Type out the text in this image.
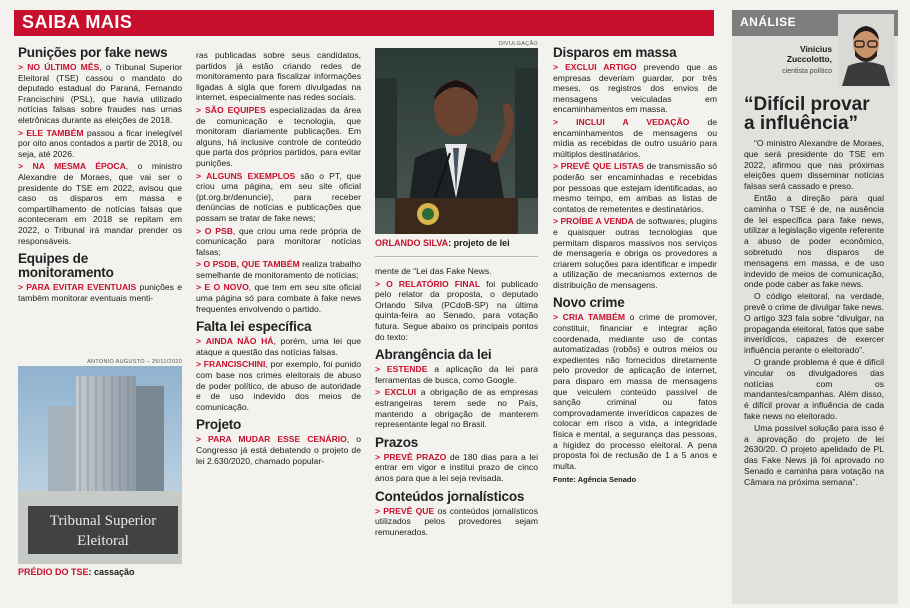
SAIBA MAIS	ANÁLISE
Punições por fake news

> NO ÚLTIMO MÊS, o Tribunal Superior Eleitoral (TSE) cassou o mandato do deputado estadual do Paraná, Fernando Francischini (PSL), que havia utilizado notícias falsas sobre fraudes nas urnas eletrônicas durante as eleições de 2018.

> ELE TAMBÉM passou a ficar inelegível por oito anos contados a partir de 2018, ou seja, até 2026.

> NA MESMA ÉPOCA, o ministro Alexandre de Moraes, que vai ser o presidente do TSE em 2022, avisou que caso os disparos em massa e compartilhamento de notícias falsas que aconteceram em 2018 se repitam em 2022, o Tribunal irá mandar prender os responsáveis.

Equipes de monitoramento

> PARA EVITAR EVENTUAIS punições e também monitorar eventuais menti-

ANTONIO AUGUSTO – 25/11/2020
Tribunal Superior
Eleitoral
PRÉDIO DO TSE: cassação

ras publicadas sobre seus candidatos, partidos já estão criando redes de monitoramento para fiscalizar informações ligadas à sigla que forem divulgadas na internet, especialmente nas redes sociais.

> SÃO EQUIPES especializadas da área de comunicação e tecnologia, que monitoram diariamente publicações. Em alguns, há inclusive controle de conteúdo que parta dos próprios partidos, para evitar punições.

> ALGUNS EXEMPLOS são o PT, que criou uma página, em seu site oficial (pt.org.br/denuncie), para receber denúncias de notícias e publicações que possam se tratar de fake news;

> O PSB, que criou uma rede própria de comunicação para monitorar notícias falsas;

> O PSDB, QUE TAMBÉM realiza trabalho semelhante de monitoramento de notícias;

> E O NOVO, que tem em seu site oficial uma página só para combate à fake news frequentes envolvendo o partido.

Falta lei específica

> AINDA NÃO HÁ, porém, uma lei que ataque a questão das notícias falsas.

> FRANCISCHINI, por exemplo, foi punido com base nos crimes eleitorais de abuso de poder político, de abuso de autoridade e de uso indevido dos meios de comunicação.

Projeto

> PARA MUDAR ESSE CENÁRIO, o Congresso já está debatendo o projeto de lei 2.630/2020, chamado popular-

DIVULGAÇÃO
ORLANDO SILVA: projeto de lei

mente de “Lei das Fake News.

> O RELATÓRIO FINAL foi publicado pelo relator da proposta, o deputado Orlando Silva (PCdoB-SP) na última quinta-feira ao Senado, para votação futura. Segue abaixo os principais pontos do texto:

Abrangência da lei

> ESTENDE a aplicação da lei para ferramentas de busca, como Google.

> EXCLUI a obrigação de as empresas estrangeiras terem sede no País, mantendo a obrigação de manterem representante legal no Brasil.

Prazos

> PREVÊ PRAZO de 180 dias para a lei entrar em vigor e institui prazo de cinco anos para que a lei seja revisada.

Conteúdos jornalísticos

> PREVÊ QUE os conteúdos jornalísticos utilizados pelos provedores sejam remunerados.

Disparos em massa

> EXCLUI ARTIGO prevendo que as empresas deveriam guardar, por três meses, os registros dos envios de mensagens veiculadas em encaminhamentos em massa.

> INCLUI A VEDAÇÃO de encaminhamentos de mensagens ou mídia as recebidas de outro usuário para múltiplos destinatários.

> PREVÊ QUE LISTAS de transmissão só poderão ser encaminhadas e recebidas por pessoas que estejam identificadas, ao mesmo tempo, em ambas as listas de contatos de remetentes e destinatários.

> PROÍBE A VENDA de softwares, plugins e quaisquer outras tecnologias que permitam disparos massivos nos serviços de mensageria e obriga os provedores a criarem soluções para identificar e impedir a utilização de mecanismos externos de distribuição de mensagens.

Novo crime

> CRIA TAMBÉM o crime de promover, constituir, financiar e integrar ação coordenada, mediante uso de contas automatizadas (robôs) e outros meios ou expedientes não fornecidos diretamente pelo provedor de aplicação de internet, para disparo em massa de mensagens que veiculem conteúdo passível de sanção criminal ou fatos comprovadamente inverídicos capazes de colocar em risco a vida, a integridade física e mental, a segurança das pessoas, a higidez do processo eleitoral. A pena proposta foi de reclusão de 1 a 5 anos e multa.

Fonte: Agência Senado

Vinicius
Zuccolotto,
cientista político
“Difícil provar a influência”

“O ministro Alexandre de Moraes, que será presidente do TSE em 2022, afirmou que nas próximas eleições quem disseminar notícias falsas será cassado e preso.

Então a direção para qual caminha o TSE é de, na ausência de lei específica para fake news, utilizar a legislação vigente referente a abuso de poder econômico, sobretudo nos disparos de mensagens em massa, e de uso indevido de meios de comunicação, onde pode caber as fake news.

O código eleitoral, na verdade, prevê o crime de divulgar fake news. O artigo 323 fala sobre “divulgar, na propaganda eleitoral, fatos que sabe inverídicos, capazes de exercer influência perante o eleitorado”.

O grande problema é que é difícil vincular os divulgadores das notícias com os mandantes/campanhas. Além disso, é difícil provar a influência de cada fake news no eleitorado.

Uma possível solução para isso é a aprovação do projeto de lei 2630/20. O projeto apelidado de PL das Fake News já foi aprovado no Senado e caminha para votação na Câmara na próxima semana”.
